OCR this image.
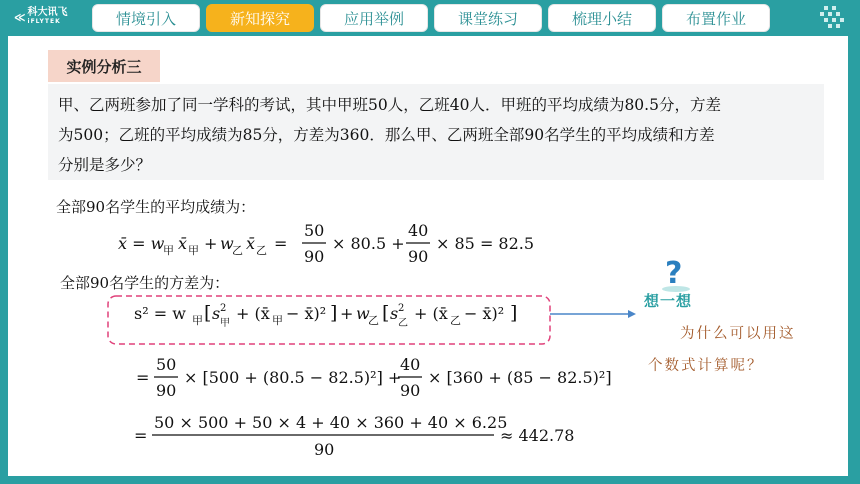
≪ 科大讯飞
iFLYTEK	情境引入	新知探究	应用举例	课堂练习	梳理小结	布置作业
实例分析三
甲、乙两班参加了同一学科的考试，其中甲班50人，乙班40人．甲班的平均成绩为80.5分，方差
为500；乙班的平均成绩为85分，方差为360．那么甲、乙两班全部90名学生的平均成绩和方差
分别是多少？
全部90名学生的平均成绩为：
全部90名学生的方差为：
x̄ = w
甲 x̄ 甲 + w
乙 x̄ 乙 =
50
90
× 80.5 +
40
90
× 85 = 82.5
s² = w 甲 [ s 2
甲
+ (x̄ 甲 − x̄)² ] + w
乙 [ s 2
乙
+ (x̄ 乙 − x̄)² ]
?
=
50
90
× [500 + (80.5 − 82.5)²] +
40
90
× [360 + (85 − 82.5)²]
=
50 × 500 + 50 × 4 + 40 × 360 + 40 × 6.25
90
≈ 442.78
想一想
为什么可以用这
个数式计算呢？
